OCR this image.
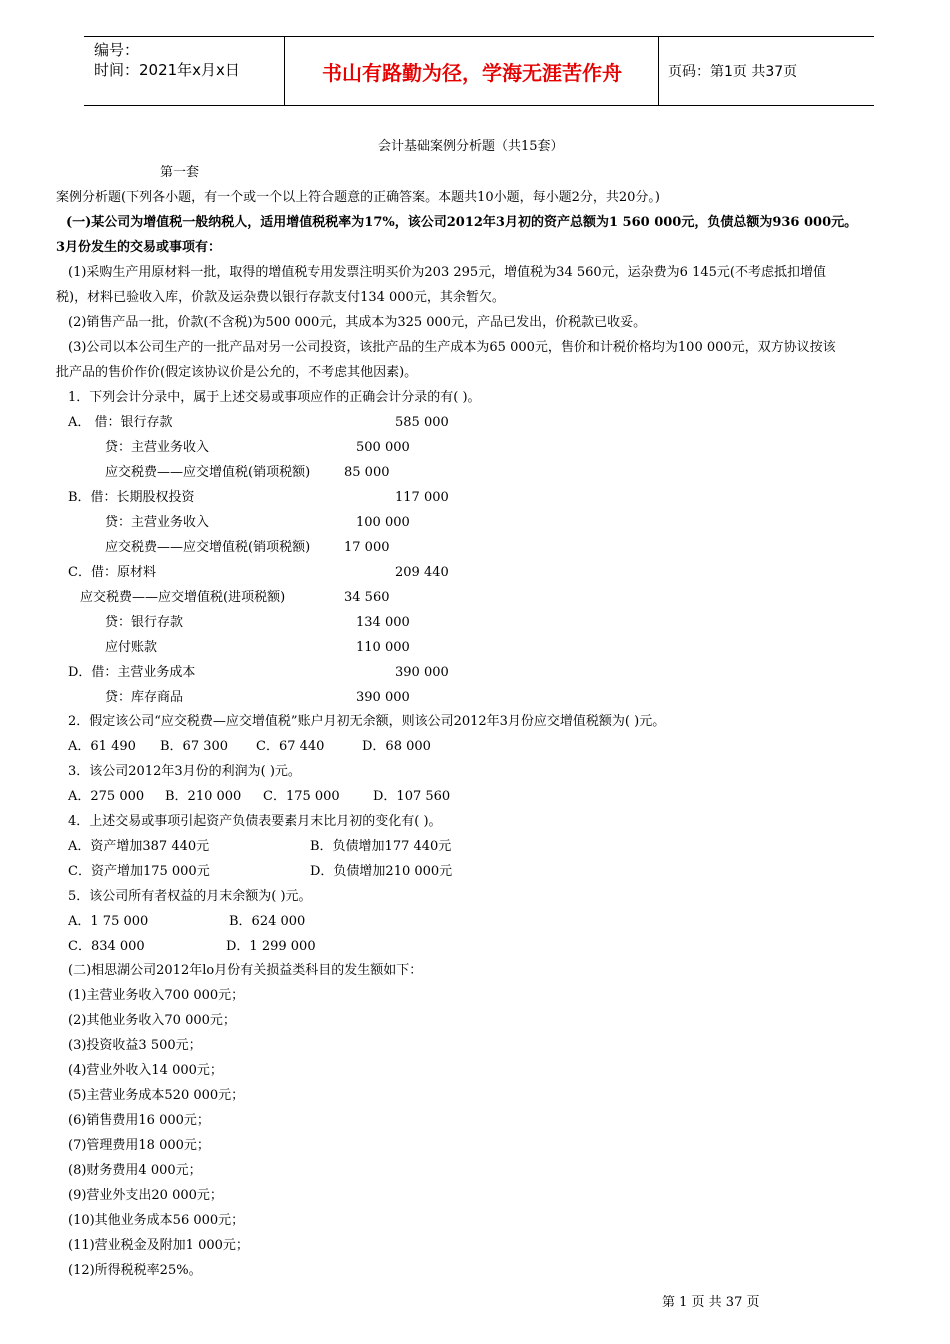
编号：
时间：2021年x月x日	书山有路勤为径，学海无涯苦作舟	页码：第1页 共37页
会计基础案例分析题（共15套）
第一套
案例分析题(下列各小题，有一个或一个以上符合题意的正确答案。本题共10小题，每小题2分，共20分。)
(一)某公司为增值税一般纳税人，适用增值税税率为17%，该公司2012年3月初的资产总额为1 560 000元，负债总额为936 000元。
3月份发生的交易或事项有：
(1)采购生产用原材料一批，取得的增值税专用发票注明买价为203 295元，增值税为34 560元，运杂费为6 145元(不考虑抵扣增值
税)，材料已验收入库，价款及运杂费以银行存款支付134 000元，其余暂欠。
(2)销售产品一批，价款(不含税)为500 000元，其成本为325 000元，产品已发出，价税款已收妥。
(3)公司以本公司生产的一批产品对另一公司投资，该批产品的生产成本为65 000元，售价和计税价格均为100 000元，双方协议按该
批产品的售价作价(假定该协议价是公允的，不考虑其他因素)。
1．下列会计分录中，属于上述交易或事项应作的正确会计分录的有( )。
A． 借：银行存款	585 000
贷：主营业务收入	500 000
应交税费——应交增值税(销项税额)	85 000
B．借：长期股权投资	117 000
贷：主营业务收入	100 000
应交税费——应交增值税(销项税额)	17 000
C．借：原材料	209 440
应交税费——应交增值税(进项税额)	34 560
贷：银行存款	134 000
应付账款	110 000
D．借：主营业务成本	390 000
贷：库存商品	390 000
2．假定该公司“应交税费—应交增值税”账户月初无余额，则该公司2012年3月份应交增值税额为( )元。
A．61 490 B．67 300 C．67 440	D．68 000
3．该公司2012年3月份的利润为( )元。
A．275 000 B．210 000 C．175 000	D．107 560
4．上述交易或事项引起资产负债表要素月末比月初的变化有( )。
A．资产增加387 440元	B．负债增加177 440元
C．资产增加175 000元	D．负债增加210 000元
5．该公司所有者权益的月末余额为( )元。
A．1 75 000	B．624 000
C．834 000	D．1 299 000
(二)相思湖公司2012年lo月份有关损益类科目的发生额如下：
(1)主营业务收入700 000元；
(2)其他业务收入70 000元；
(3)投资收益3 500元；
(4)营业外收入14 000元；
(5)主营业务成本520 000元；
(6)销售费用16 000元；
(7)管理费用18 000元；
(8)财务费用4 000元；
(9)营业外支出20 000元；
(10)其他业务成本56 000元；
(11)营业税金及附加1 000元；
(12)所得税税率25%。
第 1 页 共 37 页
